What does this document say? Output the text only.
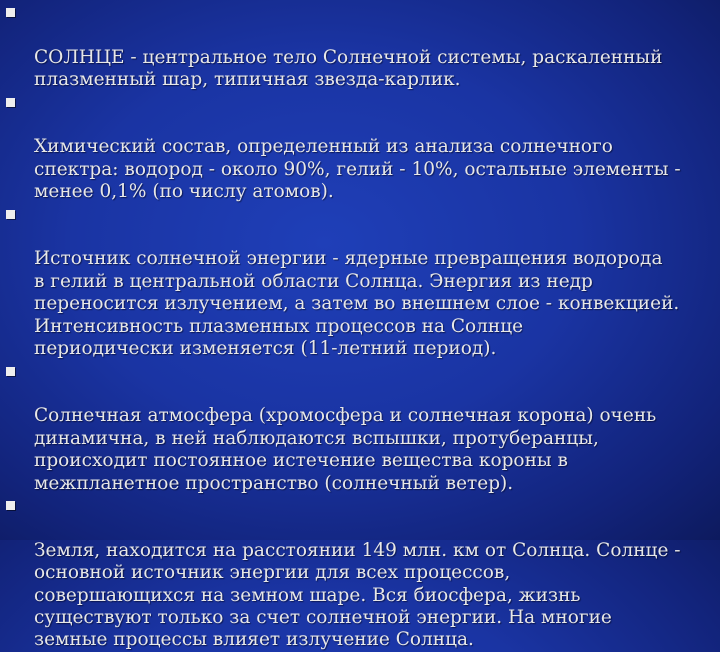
СОЛНЦЕ - центральное тело Солнечной системы, раскаленный
плазменный шар, типичная звезда-карлик.

Химический состав, определенный из анализа солнечного
спектра: водород - около 90%, гелий - 10%, остальные элементы -
менее 0,1% (по числу атомов).

Источник солнечной энергии - ядерные превращения водорода
в гелий в центральной области Солнца. Энергия из недр
переносится излучением, а затем во внешнем слое - конвекцией.
Интенсивность плазменных процессов на Солнце
периодически изменяется (11-летний период).

Солнечная атмосфера (хромосфера и солнечная корона) очень
динамична, в ней наблюдаются вспышки, протуберанцы,
происходит постоянное истечение вещества короны в
межпланетное пространство (солнечный ветер).

Земля, находится на расстоянии 149 млн. км от Солнца. Солнце -
основной источник энергии для всех процессов,
совершающихся на земном шаре. Вся биосфера, жизнь
существуют только за счет солнечной энергии. На многие
земные процессы влияет излучение Солнца.
